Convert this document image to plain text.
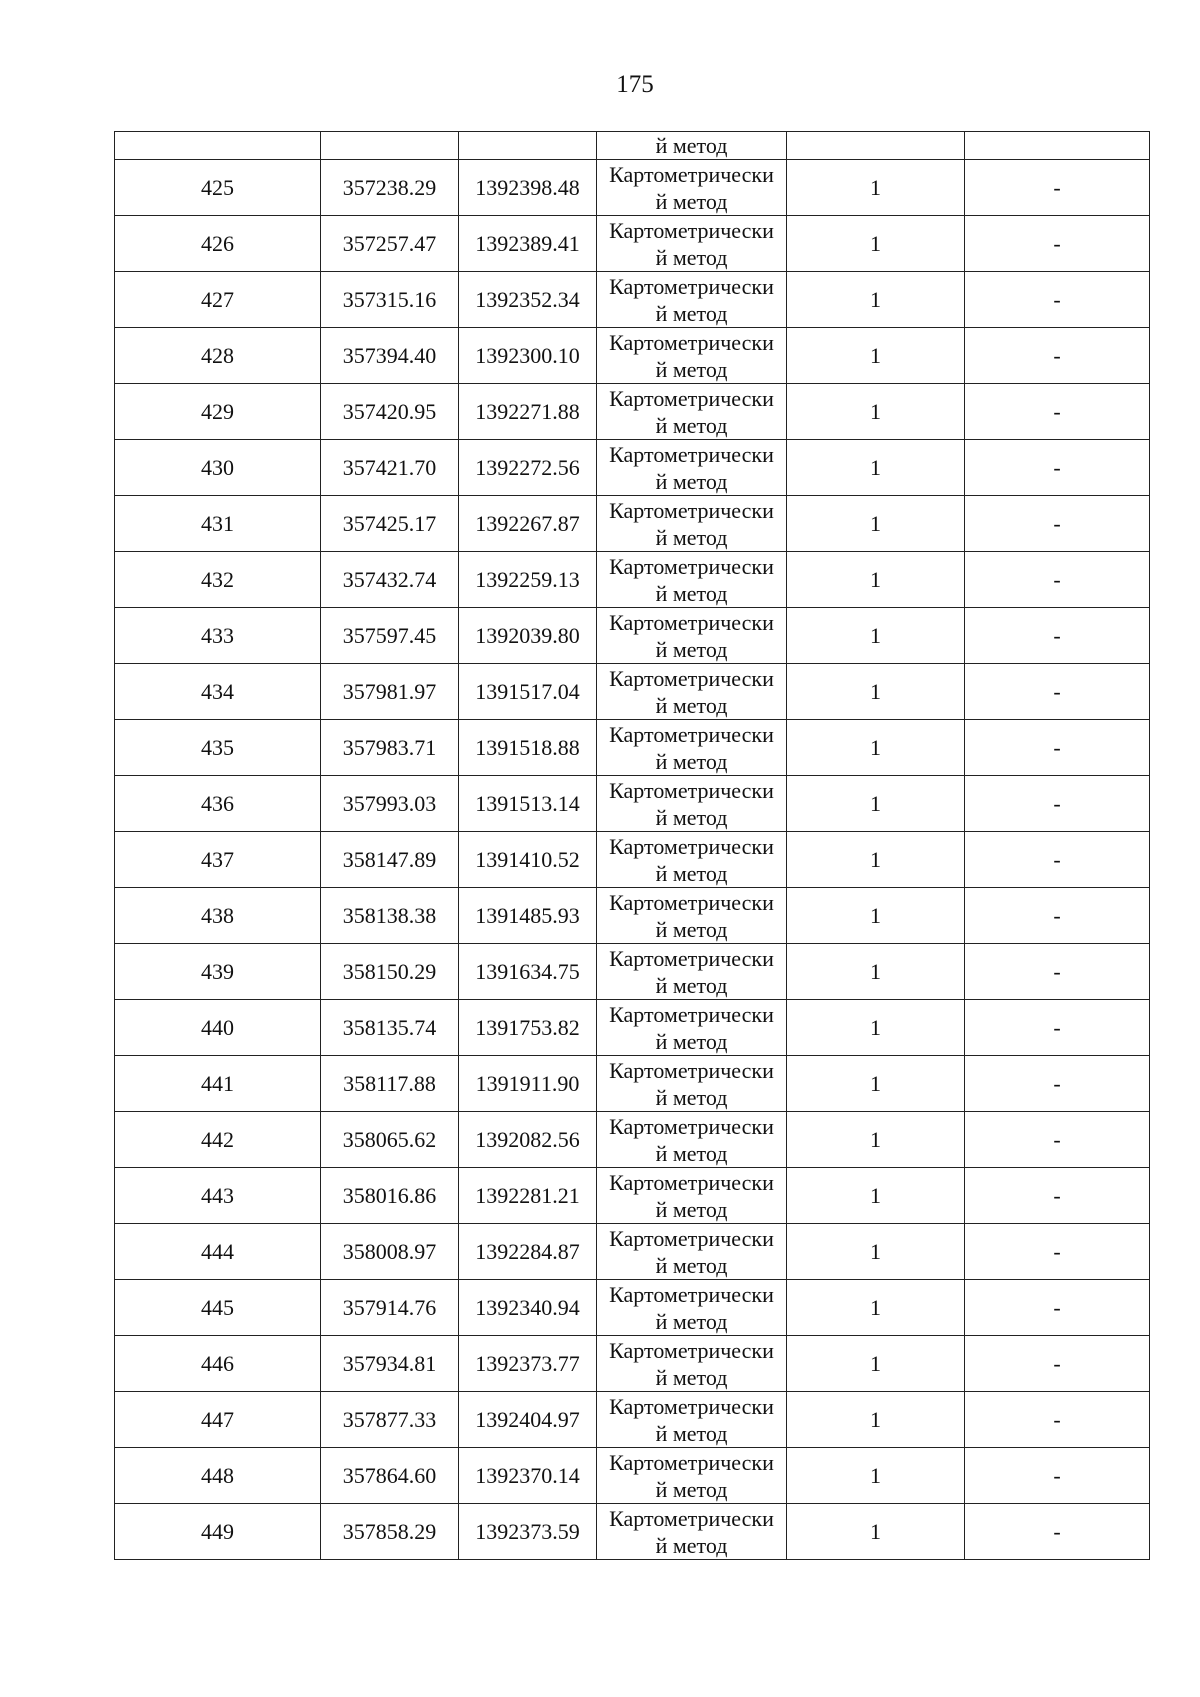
175

			й метод		

425	357238.29	1392398.48	Картометрически
й метод	1	-
426	357257.47	1392389.41	Картометрически
й метод	1	-
427	357315.16	1392352.34	Картометрически
й метод	1	-
428	357394.40	1392300.10	Картометрически
й метод	1	-
429	357420.95	1392271.88	Картометрически
й метод	1	-
430	357421.70	1392272.56	Картометрически
й метод	1	-
431	357425.17	1392267.87	Картометрически
й метод	1	-
432	357432.74	1392259.13	Картометрически
й метод	1	-
433	357597.45	1392039.80	Картометрически
й метод	1	-
434	357981.97	1391517.04	Картометрически
й метод	1	-
435	357983.71	1391518.88	Картометрически
й метод	1	-
436	357993.03	1391513.14	Картометрически
й метод	1	-
437	358147.89	1391410.52	Картометрически
й метод	1	-
438	358138.38	1391485.93	Картометрически
й метод	1	-
439	358150.29	1391634.75	Картометрически
й метод	1	-
440	358135.74	1391753.82	Картометрически
й метод	1	-
441	358117.88	1391911.90	Картометрически
й метод	1	-
442	358065.62	1392082.56	Картометрически
й метод	1	-
443	358016.86	1392281.21	Картометрически
й метод	1	-
444	358008.97	1392284.87	Картометрически
й метод	1	-
445	357914.76	1392340.94	Картометрически
й метод	1	-
446	357934.81	1392373.77	Картометрически
й метод	1	-
447	357877.33	1392404.97	Картометрически
й метод	1	-
448	357864.60	1392370.14	Картометрически
й метод	1	-
449	357858.29	1392373.59	Картометрически
й метод	1	-
